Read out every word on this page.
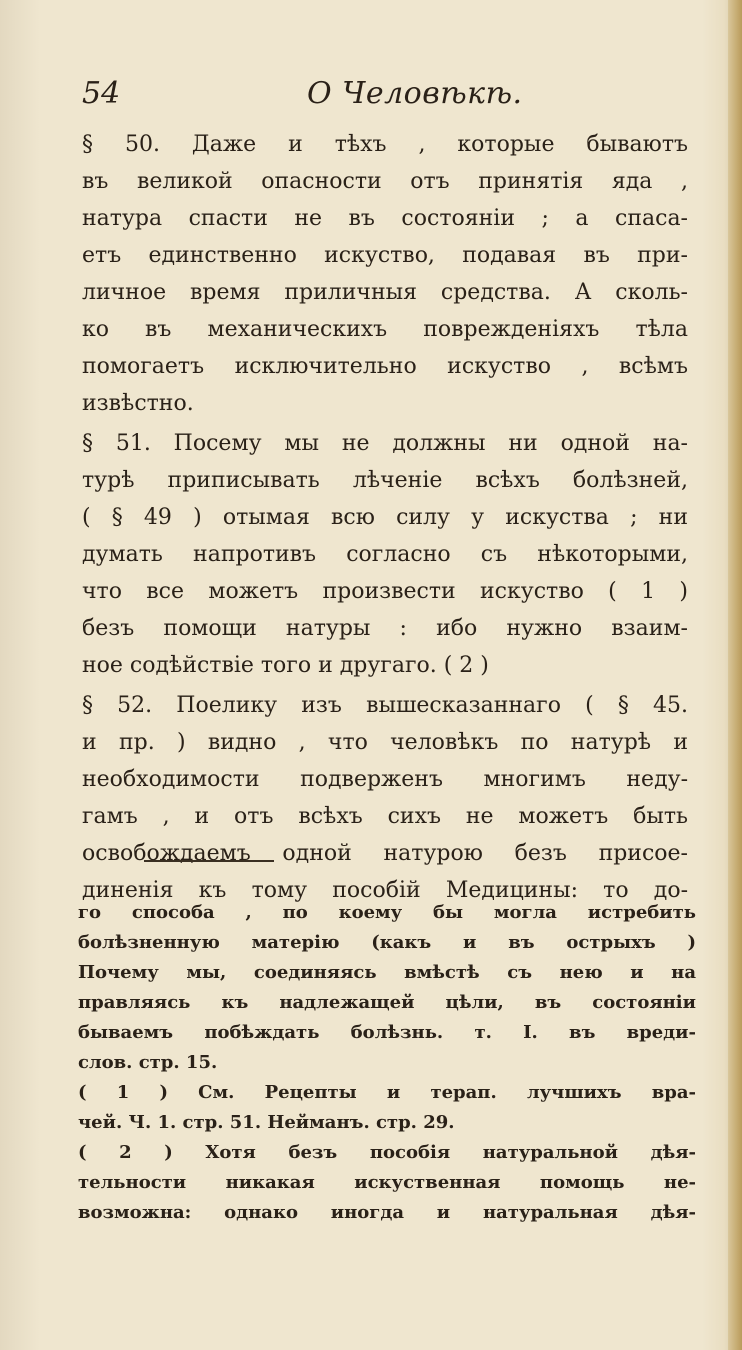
54	О Человѣкѣ.
§ 50. Даже и тѣхъ , которые бываютъ
въ великой опасности отъ принятія яда ,
натура спасти не въ состояніи ; а спаса-
етъ единственно искуство, подавая въ при-
личное время приличныя средства. А сколь-
ко въ механическихъ поврежденіяхъ тѣла
помогаетъ исключительно искуство , всѣмъ
извѣстно.
§ 51. Посему мы не должны ни одной на-
турѣ приписывать лѣченіе всѣхъ болѣзней,
( § 49 ) отымая всю силу у искуства ; ни
думать напротивъ согласно съ нѣкоторыми,
что все можетъ произвести искуство ( 1 )
безъ помощи натуры : ибо нужно взаим-
ное содѣйствіе того и другаго. ( 2 )
§ 52. Поелику изъ вышесказаннаго ( § 45.
и пр. ) видно , что человѣкъ по натурѣ и
необходимости подверженъ многимъ неду-
гамъ , и отъ всѣхъ сихъ не можетъ быть
освобождаемъ одной натурою безъ присое-
диненія къ тому пособій Медицины: то до-
го способа , по коему бы могла истребить
болѣзненную матерію (какъ и въ острыхъ )
Почему мы, соединяясь вмѣстѣ съ нею и на
правляясь къ надлежащей цѣли, въ состояніи
бываемъ побѣждать болѣзнь. т. I. въ вреди-
слов. стр. 15.
( 1 ) См. Рецепты и терап. лучшихъ вра-
чей. Ч. 1. стр. 51. Нейманъ. стр. 29.
( 2 ) Хотя безъ пособія натуральной дѣя-
тельности никакая искуственная помощь не-
возможна: однако иногда и натуральная дѣя-
